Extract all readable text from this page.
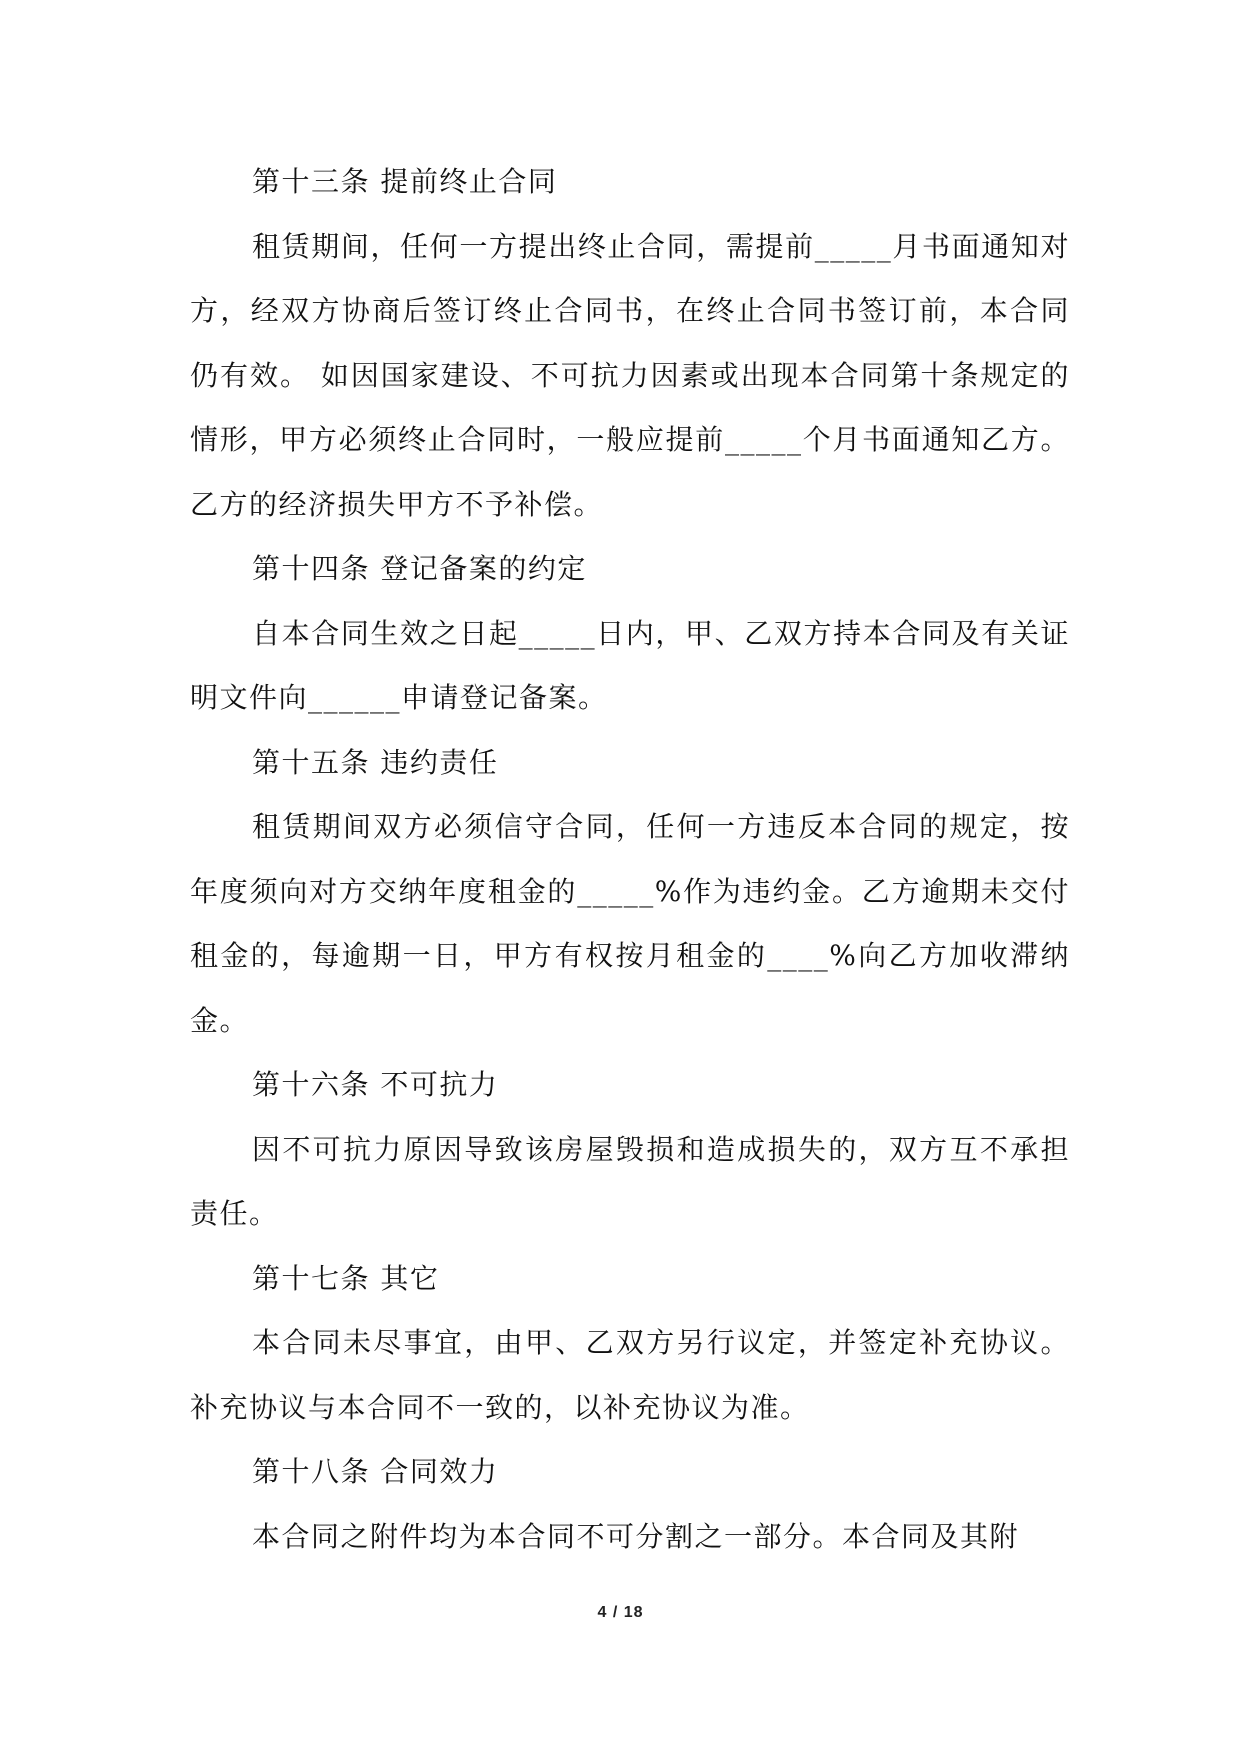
第十三条 提前终止合同

租赁期间，任何一方提出终止合同，需提前_____月书面通知对方，经双方协商后签订终止合同书，在终止合同书签订前，本合同仍有效。 如因国家建设、不可抗力因素或出现本合同第十条规定的情形，甲方必须终止合同时，一般应提前_____个月书面通知乙方。乙方的经济损失甲方不予补偿。

第十四条 登记备案的约定

自本合同生效之日起_____日内，甲、乙双方持本合同及有关证明文件向______申请登记备案。

第十五条 违约责任

租赁期间双方必须信守合同，任何一方违反本合同的规定，按年度须向对方交纳年度租金的_____%作为违约金。乙方逾期未交付租金的，每逾期一日，甲方有权按月租金的____%向乙方加收滞纳金。

第十六条 不可抗力

因不可抗力原因导致该房屋毁损和造成损失的，双方互不承担责任。

第十七条 其它

本合同未尽事宜，由甲、乙双方另行议定，并签定补充协议。补充协议与本合同不一致的，以补充协议为准。

第十八条 合同效力

本合同之附件均为本合同不可分割之一部分。本合同及其附

4 / 18
